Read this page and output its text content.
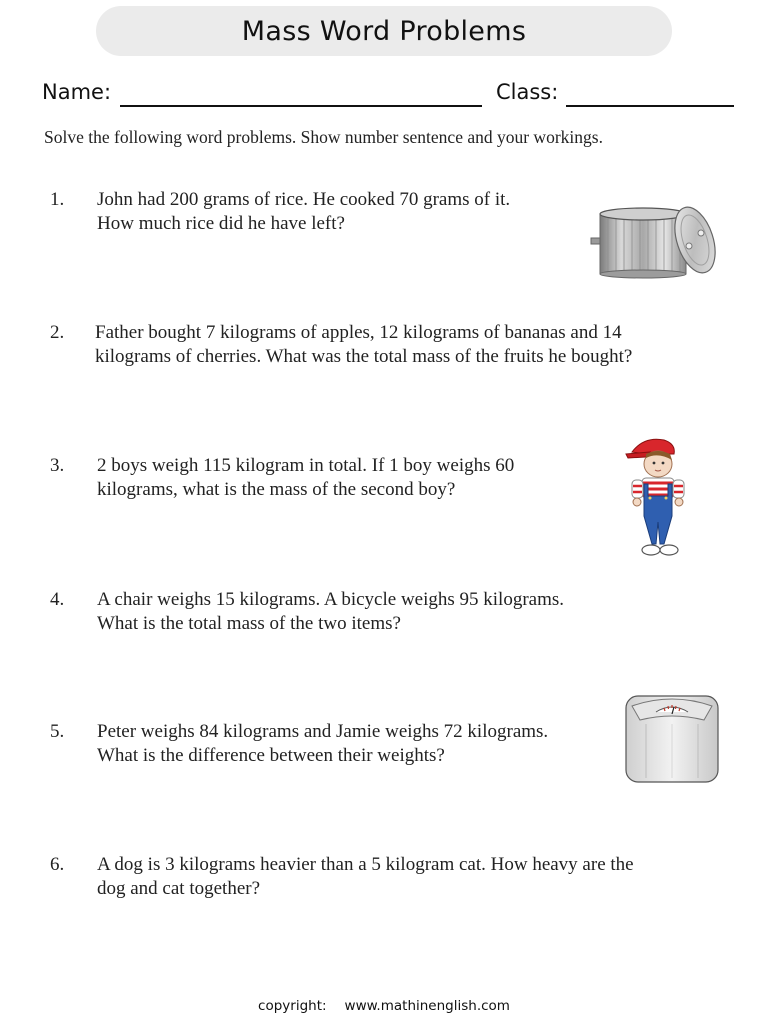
Mass Word Problems
Name:	Class:
Solve the following word problems. Show number sentence and your workings.
1.	John had 200 grams of rice. He cooked 70 grams of it.
How much rice did he have left?
2.	Father bought 7 kilograms of apples, 12 kilograms of bananas and 14
kilograms of cherries. What was the total mass of the fruits he bought?
3.	2 boys weigh 115 kilogram in total. If 1 boy weighs 60
kilograms, what is the mass of the second boy?
4.	A chair weighs 15 kilograms. A bicycle weighs 95 kilograms.
What is the total mass of the two items?
5.	Peter weighs 84 kilograms and Jamie weighs 72 kilograms.
What is the difference between their weights?
6.	A dog is 3 kilograms heavier than a 5 kilogram cat. How heavy are the
dog and cat together?
copyright: www.mathinenglish.com
